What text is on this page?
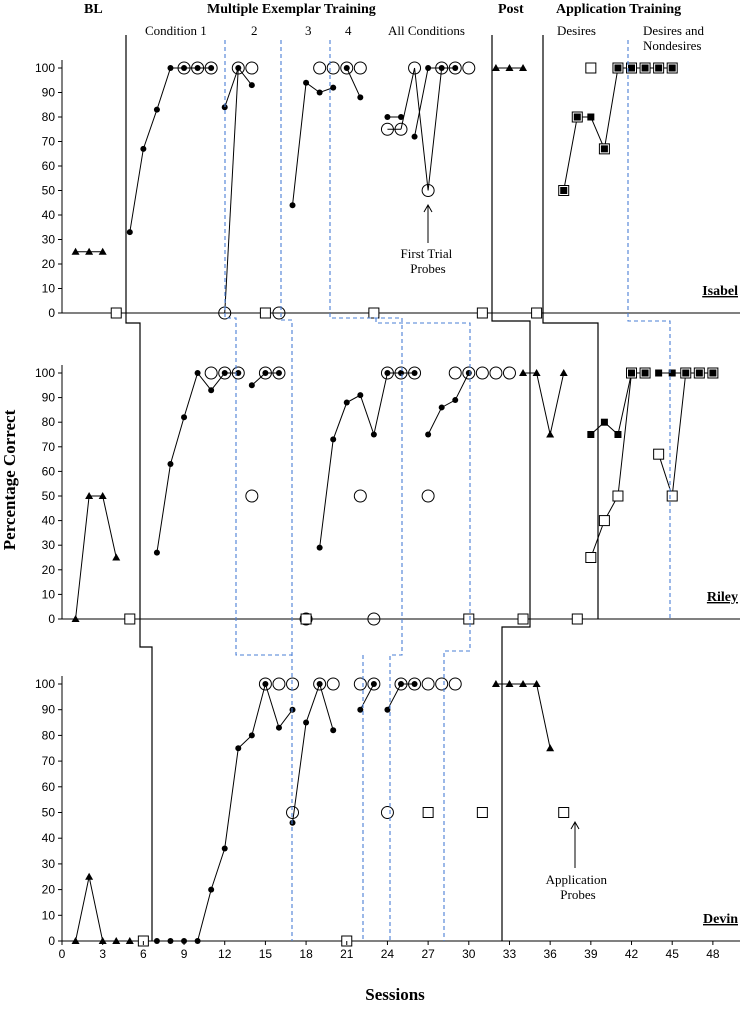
BL	Multiple Exemplar Training	Post Application Training
Condition 1	2	3	4	All Conditions	Desires	Desires and Nondesires
Percentage Correct
Sessions
First Trial Probes
Application Probes
0
10
20
30
40
50
60
70
80
90
100
Isabel
0
10
20
30
40
50
60
70
80
90
100
Riley
0
10
20
30
40
50
60
70
80
90
100
Devin
0	3	6	9	12 15 18 21 24 27 30 33 36 39 42 45 48
